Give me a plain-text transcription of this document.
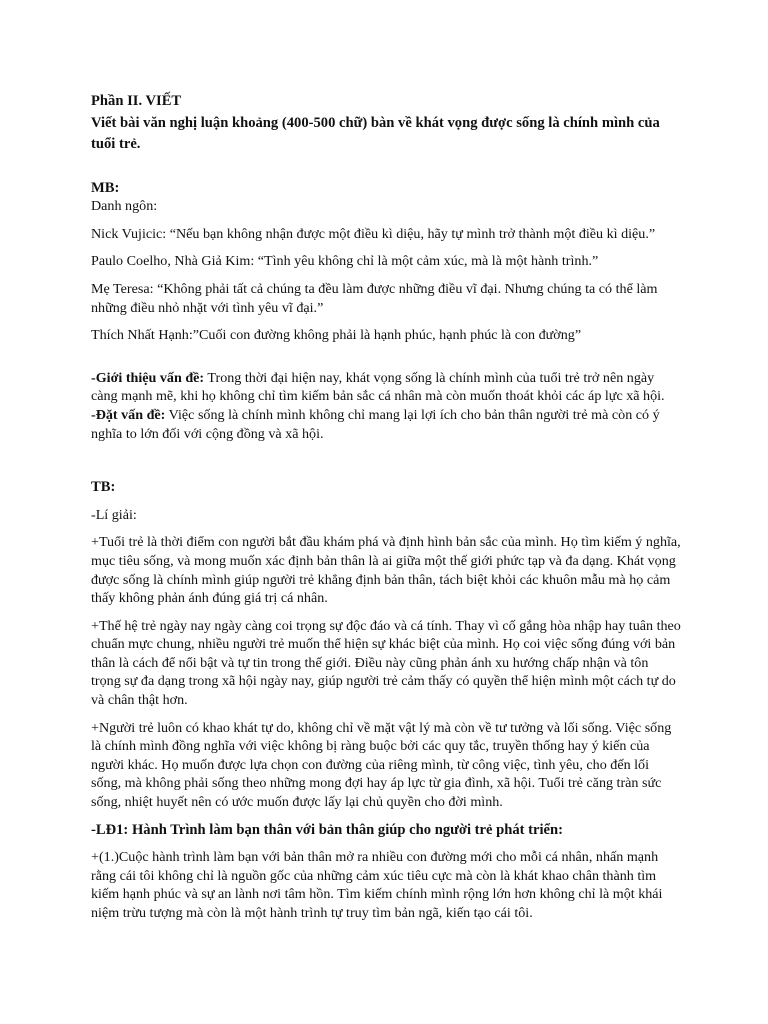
Phần II. VIẾT

Viết bài văn nghị luận khoảng (400-500 chữ) bàn về khát vọng được sống là chính mình của tuổi trẻ.

MB:

Danh ngôn:

Nick Vujicic: “Nếu bạn không nhận được một điều kì diệu, hãy tự mình trở thành một điều kì diệu.”

Paulo Coelho, Nhà Giả Kim: “Tình yêu không chỉ là một cảm xúc, mà là một hành trình.”

Mẹ Teresa: “Không phải tất cả chúng ta đều làm được những điều vĩ đại. Nhưng chúng ta có thể làm những điều nhỏ nhặt với tình yêu vĩ đại.”

Thích Nhất Hạnh:”Cuối con đường không phải là hạnh phúc, hạnh phúc là con đường”

-Giới thiệu vấn đề: Trong thời đại hiện nay, khát vọng sống là chính mình của tuổi trẻ trở nên ngày càng mạnh mẽ, khi họ không chỉ tìm kiếm bản sắc cá nhân mà còn muốn thoát khỏi các áp lực xã hội.

-Đặt vấn đề: Việc sống là chính mình không chỉ mang lại lợi ích cho bản thân người trẻ mà còn có ý nghĩa to lớn đối với cộng đồng và xã hội.

TB:

-Lí giải:

+Tuổi trẻ là thời điểm con người bắt đầu khám phá và định hình bản sắc của mình. Họ tìm kiếm ý nghĩa, mục tiêu sống, và mong muốn xác định bản thân là ai giữa một thế giới phức tạp và đa dạng. Khát vọng được sống là chính mình giúp người trẻ khẳng định bản thân, tách biệt khỏi các khuôn mẫu mà họ cảm thấy không phản ánh đúng giá trị cá nhân.

+Thế hệ trẻ ngày nay ngày càng coi trọng sự độc đáo và cá tính. Thay vì cố gắng hòa nhập hay tuân theo chuẩn mực chung, nhiều người trẻ muốn thể hiện sự khác biệt của mình. Họ coi việc sống đúng với bản thân là cách để nổi bật và tự tin trong thế giới. Điều này cũng phản ánh xu hướng chấp nhận và tôn trọng sự đa dạng trong xã hội ngày nay, giúp người trẻ cảm thấy có quyền thể hiện mình một cách tự do và chân thật hơn.

+Người trẻ luôn có khao khát tự do, không chỉ về mặt vật lý mà còn về tư tưởng và lối sống. Việc sống là chính mình đồng nghĩa với việc không bị ràng buộc bởi các quy tắc, truyền thống hay ý kiến của người khác. Họ muốn được lựa chọn con đường của riêng mình, từ công việc, tình yêu, cho đến lối sống, mà không phải sống theo những mong đợi hay áp lực từ gia đình, xã hội. Tuổi trẻ căng tràn sức sống, nhiệt huyết nên có ước muốn được lấy lại chủ quyền cho đời mình.

-LĐ1: Hành Trình làm bạn thân với bản thân giúp cho người trẻ phát triển:

+(1.)Cuộc hành trình làm bạn với bản thân mở ra nhiều con đường mới cho mỗi cá nhân, nhấn mạnh rằng cái tôi không chỉ là nguồn gốc của những cảm xúc tiêu cực mà còn là khát khao chân thành tìm kiếm hạnh phúc và sự an lành nơi tâm hồn. Tìm kiếm chính mình rộng lớn hơn không chỉ là một khái niệm trừu tượng mà còn là một hành trình tự truy tìm bản ngã, kiến tạo cái tôi.
